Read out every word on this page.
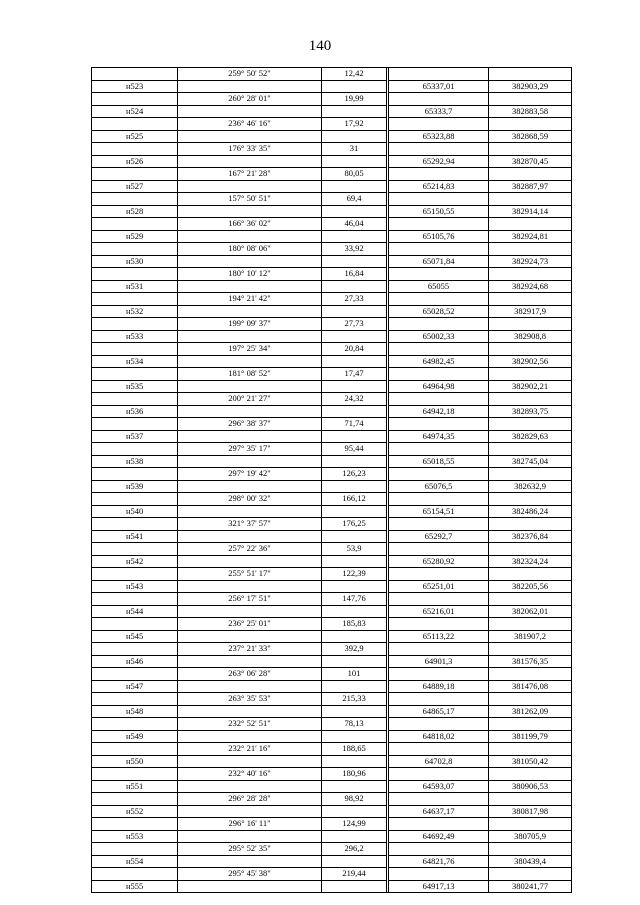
140
	259° 50' 52"	12,42			
н523				65337,01	382903,29
	260° 28' 01"	19,99			
н524				65333,7	382883,58
	236° 46' 16"	17,92			
н525				65323,88	382868,59
	176° 33' 35"	31			
н526				65292,94	382870,45
	167° 21' 28"	80,05			
н527				65214,83	382887,97
	157° 50' 51"	69,4			
н528				65150,55	382914,14
	166° 36' 02"	46,04			
н529				65105,76	382924,81
	180° 08' 06"	33,92			
н530				65071,84	382924,73
	180° 10' 12"	16,84			
н531				65055	382924,68
	194° 21' 42"	27,33			
н532				65028,52	382917,9
	199° 09' 37"	27,73			
н533				65002,33	382908,8
	197° 25' 34"	20,84			
н534				64982,45	382902,56
	181° 08' 52"	17,47			
н535				64964,98	382902,21
	200° 21' 27"	24,32			
н536				64942,18	382893,75
	296° 38' 37"	71,74			
н537				64974,35	382829,63
	297° 35' 17"	95,44			
н538				65018,55	382745,04
	297° 19' 42"	126,23			
н539				65076,5	382632,9
	298° 00' 32"	166,12			
н540				65154,51	382486,24
	321° 37' 57"	176,25			
н541				65292,7	382376,84
	257° 22' 36"	53,9			
н542				65280,92	382324,24
	255° 51' 17"	122,39			
н543				65251,01	382205,56
	256° 17' 51"	147,76			
н544				65216,01	382062,01
	236° 25' 01"	185,83			
н545				65113,22	381907,2
	237° 21' 33"	392,9			
н546				64901,3	381576,35
	263° 06' 28"	101			
н547				64889,18	381476,08
	263° 35' 53"	215,33			
н548				64865,17	381262,09
	232° 52' 51"	78,13			
н549				64818,02	381199,79
	232° 21' 16"	188,65			
н550				64702,8	381050,42
	232° 40' 16"	180,96			
н551				64593,07	380906,53
	296° 28' 28"	98,92			
н552				64637,17	380817,98
	296° 16' 11"	124,99			
н553				64692,49	380705,9
	295° 52' 35"	296,2			
н554				64821,76	380439,4
	295° 45' 38"	219,44			
н555				64917,13	380241,77
